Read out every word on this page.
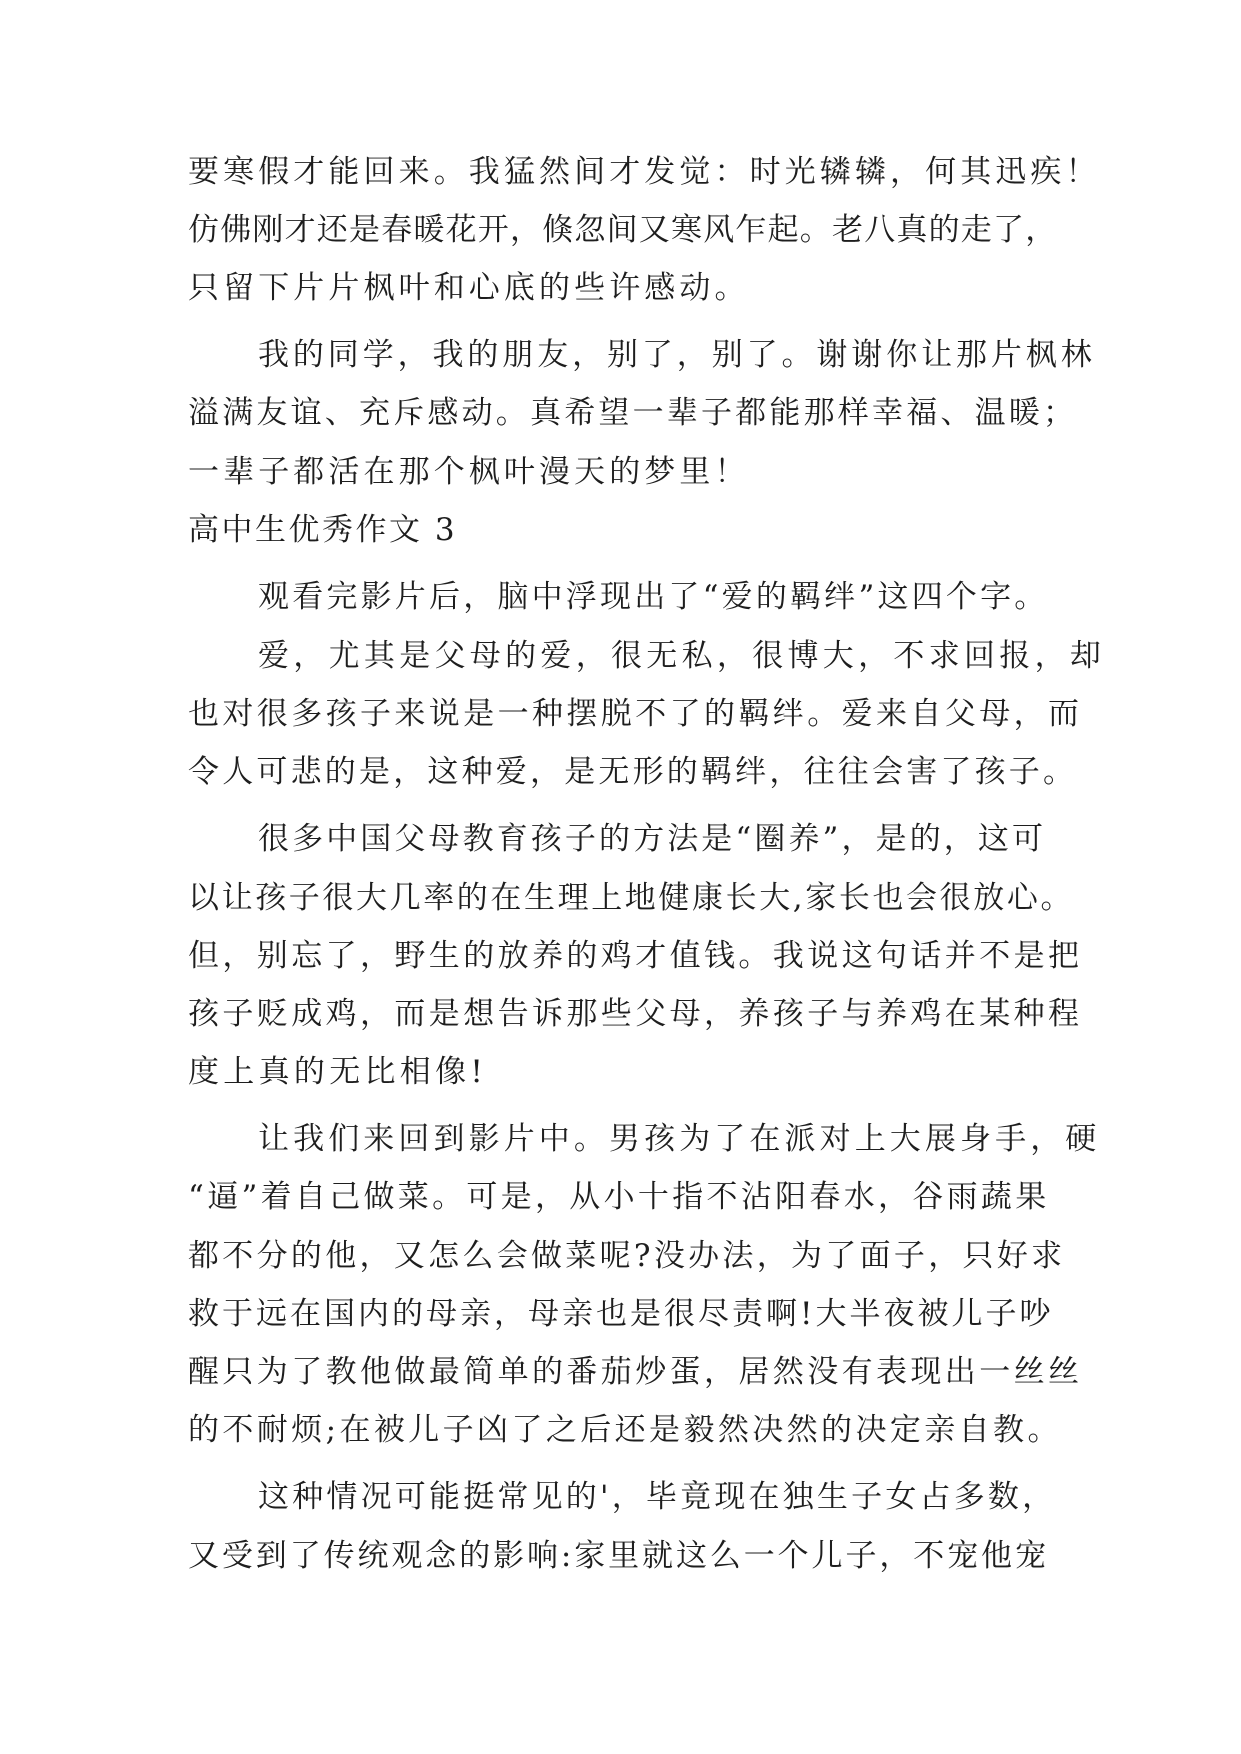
要寒假才能回来。我猛然间才发觉：时光辚辚，何其迅疾！
仿佛刚才还是春暖花开，倏忽间又寒风乍起。老八真的走了，
只留下片片枫叶和心底的些许感动。
我的同学，我的朋友，别了，别了。谢谢你让那片枫林
溢满友谊、充斥感动。真希望一辈子都能那样幸福、温暖；
一辈子都活在那个枫叶漫天的梦里！
高中生优秀作文 3
观看完影片后，脑中浮现出了“爱的羁绊”这四个字。
爱，尤其是父母的爱，很无私，很博大，不求回报，却
也对很多孩子来说是一种摆脱不了的羁绊。爱来自父母，而
令人可悲的是，这种爱，是无形的羁绊，往往会害了孩子。
很多中国父母教育孩子的方法是“圈养”，是的，这可
以让孩子很大几率的在生理上地健康长大,家长也会很放心。
但，别忘了，野生的放养的鸡才值钱。我说这句话并不是把
孩子贬成鸡，而是想告诉那些父母，养孩子与养鸡在某种程
度上真的无比相像!
让我们来回到影片中。男孩为了在派对上大展身手，硬
“逼”着自己做菜。可是，从小十指不沾阳春水，谷雨蔬果
都不分的他，又怎么会做菜呢?没办法，为了面子，只好求
救于远在国内的母亲，母亲也是很尽责啊!大半夜被儿子吵
醒只为了教他做最简单的番茄炒蛋，居然没有表现出一丝丝
的不耐烦;在被儿子凶了之后还是毅然决然的决定亲自教。
这种情况可能挺常见的'，毕竟现在独生子女占多数，
又受到了传统观念的影响:家里就这么一个儿子，不宠他宠
